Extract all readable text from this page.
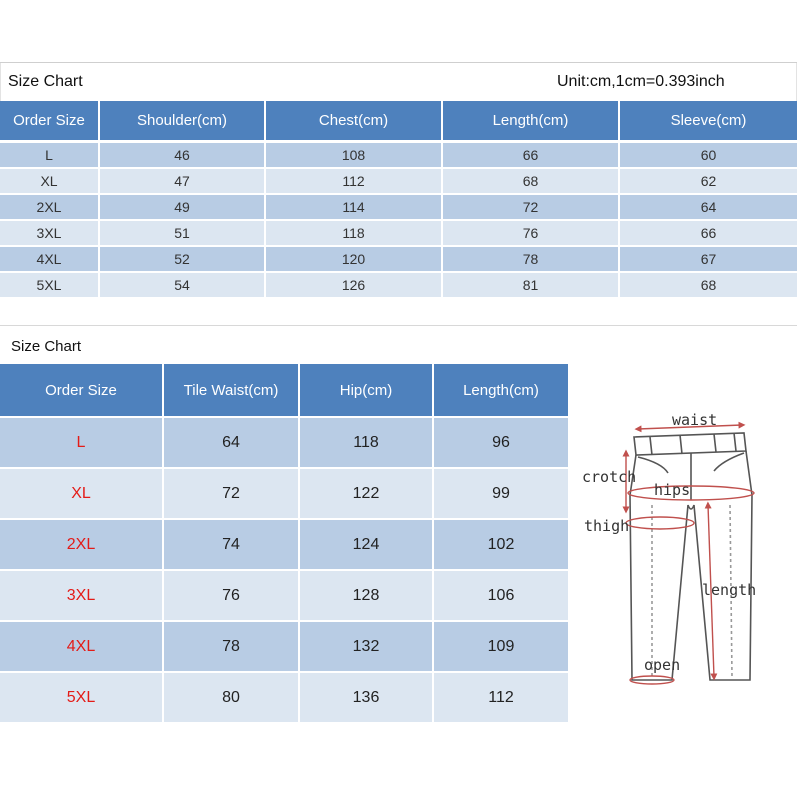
Size Chart	Unit:cm,1cm=0.393inch
Order Size	Shoulder(cm)	Chest(cm)	Length(cm)	Sleeve(cm)
L	46	108	66	60
XL	47	112	68	62
2XL	49	114	72	64
3XL	51	118	76	66
4XL	52	120	78	67
5XL	54	126	81	68
Size Chart
Order Size	Tile Waist(cm)	Hip(cm)	Length(cm)
L	64	118	96
XL	72	122	99
2XL	74	124	102
3XL	76	128	106
4XL	78	132	109
5XL	80	136	112
waist
crotch
hips
thigh
length
open
